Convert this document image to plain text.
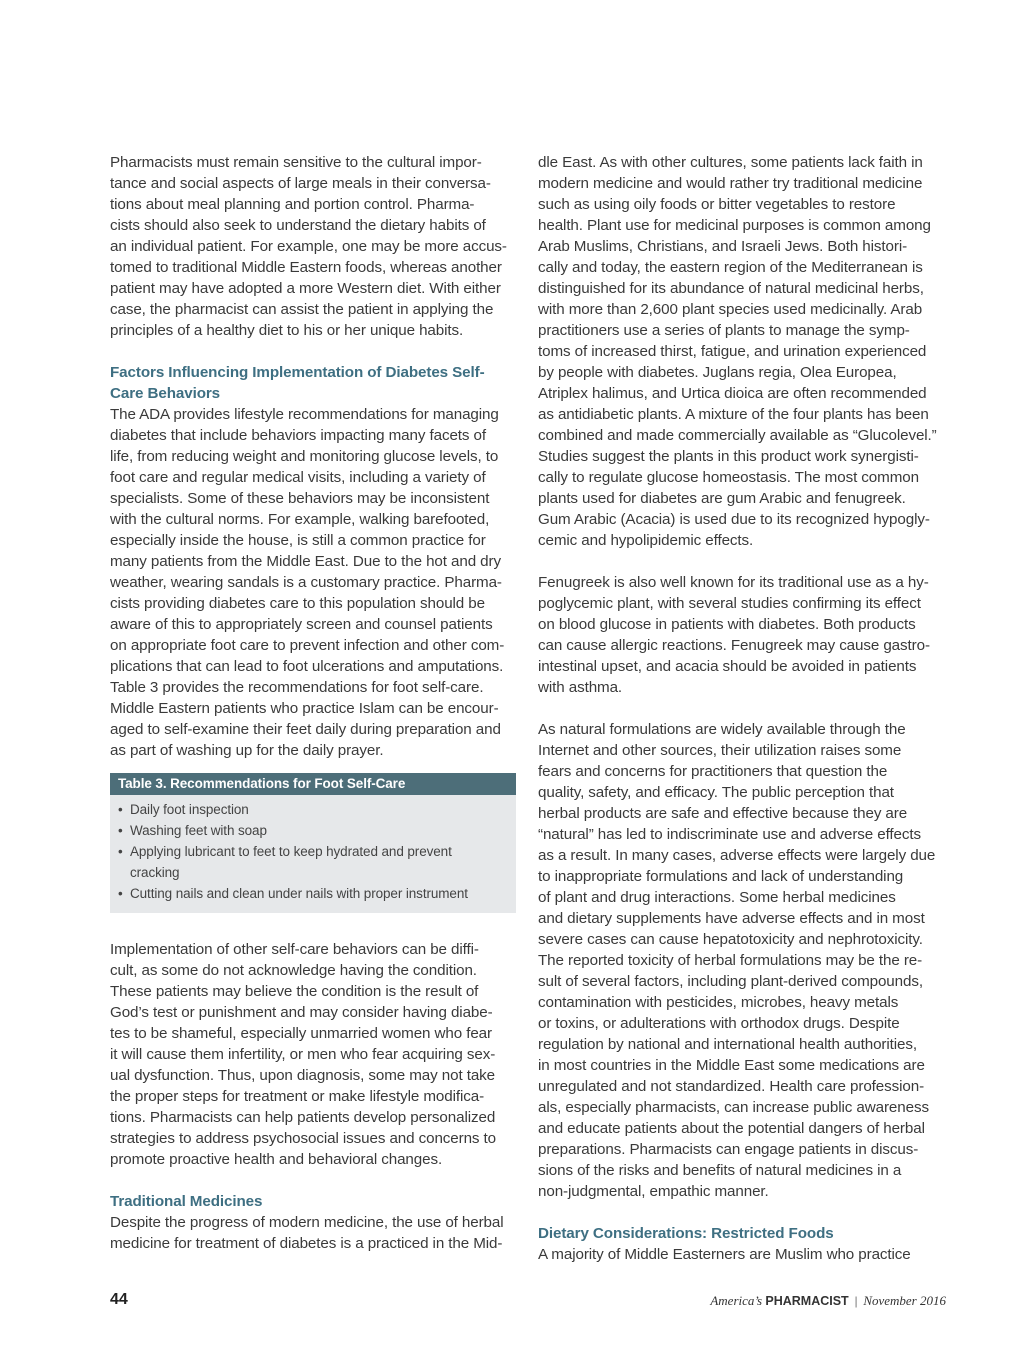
Pharmacists must remain sensitive to the cultural impor-
tance and social aspects of large meals in their conversa-
tions about meal planning and portion control. Pharma-
cists should also seek to understand the dietary habits of
an individual patient. For example, one may be more accus-
tomed to traditional Middle Eastern foods, whereas another
patient may have adopted a more Western diet. With either
case, the pharmacist can assist the patient in applying the
principles of a healthy diet to his or her unique habits.
Factors Influencing Implementation of Diabetes Self-
Care Behaviors
The ADA provides lifestyle recommendations for managing
diabetes that include behaviors impacting many facets of
life, from reducing weight and monitoring glucose levels, to
foot care and regular medical visits, including a variety of
specialists. Some of these behaviors may be inconsistent
with the cultural norms. For example, walking barefooted,
especially inside the house, is still a common practice for
many patients from the Middle East. Due to the hot and dry
weather, wearing sandals is a customary practice. Pharma-
cists providing diabetes care to this population should be
aware of this to appropriately screen and counsel patients
on appropriate foot care to prevent infection and other com-
plications that can lead to foot ulcerations and amputations.
Table 3 provides the recommendations for foot self-care.
Middle Eastern patients who practice Islam can be encour-
aged to self-examine their feet daily during preparation and
as part of washing up for the daily prayer.
Table 3. Recommendations for Foot Self-Care
• Daily foot inspection
• Washing feet with soap
• Applying lubricant to feet to keep hydrated and prevent
cracking
• Cutting nails and clean under nails with proper instrument
Implementation of other self-care behaviors can be diffi-
cult, as some do not acknowledge having the condition.
These patients may believe the condition is the result of
God’s test or punishment and may consider having diabe-
tes to be shameful, especially unmarried women who fear
it will cause them infertility, or men who fear acquiring sex-
ual dysfunction. Thus, upon diagnosis, some may not take
the proper steps for treatment or make lifestyle modifica-
tions. Pharmacists can help patients develop personalized
strategies to address psychosocial issues and concerns to
promote proactive health and behavioral changes.
Traditional Medicines
Despite the progress of modern medicine, the use of herbal
medicine for treatment of diabetes is a practiced in the Mid-
dle East. As with other cultures, some patients lack faith in
modern medicine and would rather try traditional medicine
such as using oily foods or bitter vegetables to restore
health. Plant use for medicinal purposes is common among
Arab Muslims, Christians, and Israeli Jews. Both histori-
cally and today, the eastern region of the Mediterranean is
distinguished for its abundance of natural medicinal herbs,
with more than 2,600 plant species used medicinally. Arab
practitioners use a series of plants to manage the symp-
toms of increased thirst, fatigue, and urination experienced
by people with diabetes. Juglans regia, Olea Europea,
Atriplex halimus, and Urtica dioica are often recommended
as antidiabetic plants. A mixture of the four plants has been
combined and made commercially available as “Glucolevel.”
Studies suggest the plants in this product work synergisti-
cally to regulate glucose homeostasis. The most common
plants used for diabetes are gum Arabic and fenugreek.
Gum Arabic (Acacia) is used due to its recognized hypogly-
cemic and hypolipidemic effects.
Fenugreek is also well known for its traditional use as a hy-
poglycemic plant, with several studies confirming its effect
on blood glucose in patients with diabetes. Both products
can cause allergic reactions. Fenugreek may cause gastro-
intestinal upset, and acacia should be avoided in patients
with asthma.
As natural formulations are widely available through the
Internet and other sources, their utilization raises some
fears and concerns for practitioners that question the
quality, safety, and efficacy. The public perception that
herbal products are safe and effective because they are
“natural” has led to indiscriminate use and adverse effects
as a result. In many cases, adverse effects were largely due
to inappropriate formulations and lack of understanding
of plant and drug interactions. Some herbal medicines
and dietary supplements have adverse effects and in most
severe cases can cause hepatotoxicity and nephrotoxicity.
The reported toxicity of herbal formulations may be the re-
sult of several factors, including plant-derived compounds,
contamination with pesticides, microbes, heavy metals
or toxins, or adulterations with orthodox drugs. Despite
regulation by national and international health authorities,
in most countries in the Middle East some medications are
unregulated and not standardized. Health care profession-
als, especially pharmacists, can increase public awareness
and educate patients about the potential dangers of herbal
preparations. Pharmacists can engage patients in discus-
sions of the risks and benefits of natural medicines in a
non-judgmental, empathic manner.
Dietary Considerations: Restricted Foods
A majority of Middle Easterners are Muslim who practice
44	America’s PHARMACIST | November 2016
